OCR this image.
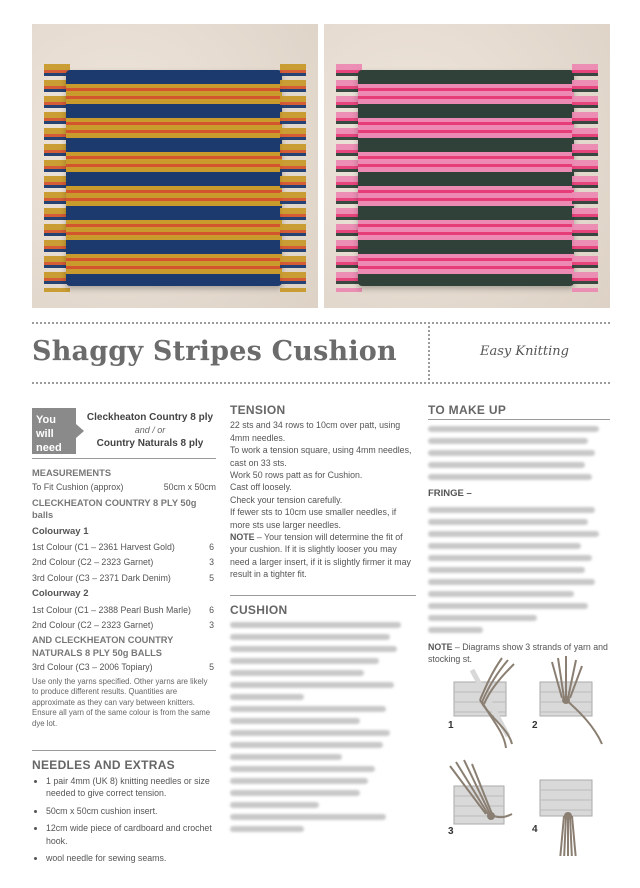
Shaggy Stripes Cushion	Easy Knitting
You will need
Cleckheaton Country 8 ply
and / or
Country Naturals 8 ply
MEASUREMENTS
To Fit Cushion (approx)	50cm x 50cm
CLECKHEATON COUNTRY 8 PLY 50g balls
Colourway 1
1st Colour (C1 – 2361 Harvest Gold)	6
2nd Colour (C2 – 2323 Garnet)	3
3rd Colour (C3 – 2371 Dark Denim)	5
Colourway 2
1st Colour (C1 – 2388 Pearl Bush Marle)	6
2nd Colour (C2 – 2323 Garnet)	3
AND CLECKHEATON COUNTRY NATURALS 8 PLY 50g BALLS
3rd Colour (C3 – 2006 Topiary)	5
Use only the yarns specified. Other yarns are likely to produce different results. Quantities are approximate as they can vary between knitters. Ensure all yarn of the same colour is from the same dye lot.
NEEDLES AND EXTRAS
• 1 pair 4mm (UK 8) knitting needles or size needed to give correct tension.
• 50cm x 50cm cushion insert.
• 12cm wide piece of cardboard and crochet hook.
• wool needle for sewing seams.
TENSION
22 sts and 34 rows to 10cm over patt, using 4mm needles.
To work a tension square, using 4mm needles, cast on 33 sts.
Work 50 rows patt as for Cushion.
Cast off loosely.
Check your tension carefully.
If fewer sts to 10cm use smaller needles, if more sts use larger needles.
NOTE – Your tension will determine the fit of your cushion. If it is slightly looser you may need a larger insert, if it is slightly firmer it may result in a tighter fit.
CUSHION
TO MAKE UP
FRINGE –
NOTE – Diagrams show 3 strands of yarn and stocking st.
1	2
3	4
